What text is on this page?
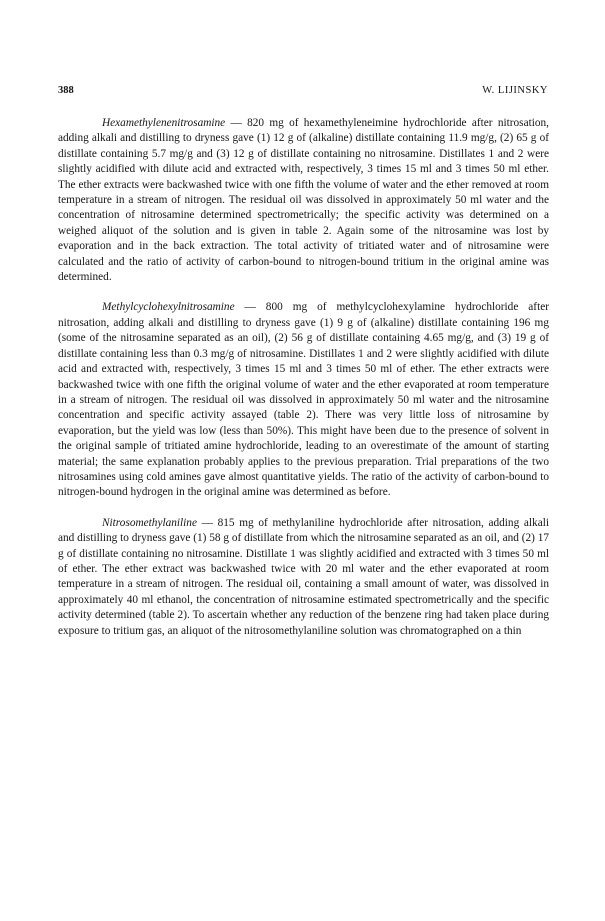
388	W. LIJINSKY

Hexamethylenenitrosamine — 820 mg of hexamethyleneimine hydrochloride after nitrosation, adding alkali and distilling to dryness gave (1) 12 g of (alkaline) distillate containing 11.9 mg/g, (2) 65 g of distillate containing 5.7 mg/g and (3) 12 g of distillate containing no nitrosamine. Distillates 1 and 2 were slightly acidified with dilute acid and extracted with, respectively, 3 times 15 ml and 3 times 50 ml ether. The ether extracts were backwashed twice with one fifth the volume of water and the ether removed at room temperature in a stream of nitrogen. The residual oil was dissolved in approximately 50 ml water and the concentration of nitrosamine determined spectrometrically; the specific activity was determined on a weighed aliquot of the solution and is given in table 2. Again some of the nitrosamine was lost by evaporation and in the back extraction. The total activity of tritiated water and of nitrosamine were calculated and the ratio of activity of carbon-bound to nitrogen-bound tritium in the original amine was determined.

Methylcyclohexylnitrosamine — 800 mg of methylcyclohexylamine hydrochloride after nitrosation, adding alkali and distilling to dryness gave (1) 9 g of (alkaline) distillate containing 196 mg (some of the nitrosamine separated as an oil), (2) 56 g of distillate containing 4.65 mg/g, and (3) 19 g of distillate containing less than 0.3 mg/g of nitrosamine. Distillates 1 and 2 were slightly acidified with dilute acid and extracted with, respectively, 3 times 15 ml and 3 times 50 ml of ether. The ether extracts were backwashed twice with one fifth the original volume of water and the ether evaporated at room temperature in a stream of nitrogen. The residual oil was dissolved in approximately 50 ml water and the nitrosamine concentration and specific activity assayed (table 2). There was very little loss of nitrosamine by evaporation, but the yield was low (less than 50%). This might have been due to the presence of solvent in the original sample of tritiated amine hydrochloride, leading to an overestimate of the amount of starting material; the same explanation probably applies to the previous preparation. Trial preparations of the two nitrosamines using cold amines gave almost quantitative yields. The ratio of the activity of carbon-bound to nitrogen-bound hydrogen in the original amine was determined as before.

Nitrosomethylaniline — 815 mg of methylaniline hydrochloride after nitrosation, adding alkali and distilling to dryness gave (1) 58 g of distillate from which the nitrosamine separated as an oil, and (2) 17 g of distillate containing no nitrosamine. Distillate 1 was slightly acidified and extracted with 3 times 50 ml of ether. The ether extract was backwashed twice with 20 ml water and the ether evaporated at room temperature in a stream of nitrogen. The residual oil, containing a small amount of water, was dissolved in approximately 40 ml ethanol, the concentration of nitrosamine estimated spectrometrically and the specific activity determined (table 2). To ascertain whether any reduction of the benzene ring had taken place during exposure to tritium gas, an aliquot of the nitrosomethylaniline solution was chromatographed on a thin
